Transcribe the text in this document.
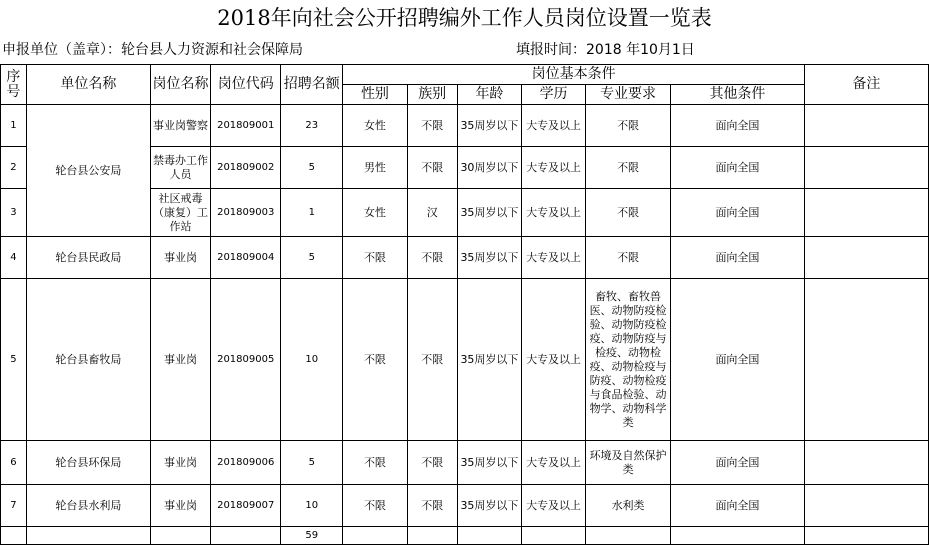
2018年向社会公开招聘编外工作人员岗位设置一览表
申报单位（盖章）：轮台县人力资源和社会保障局	填报时间：2018 年10月1日
序号	单位名称	岗位名称	岗位代码	招聘名额	岗位基本条件						备注
					性别	族别	年龄	学历	专业要求	其他条件	
1	轮台县公安局	事业岗警察	201809001	23	女性	不限	35周岁以下	大专及以上	不限	面向全国	
2		禁毒办工作人员	201809002	5	男性	不限	30周岁以下	大专及以上	不限	面向全国	
3		社区戒毒（康复）工作站	201809003	1	女性	汉	35周岁以下	大专及以上	不限	面向全国	
4	轮台县民政局	事业岗	201809004	5	不限	不限	35周岁以下	大专及以上	不限	面向全国	
5	轮台县畜牧局	事业岗	201809005	10	不限	不限	35周岁以下	大专及以上	畜牧、畜牧兽医、动物防疫检验、动物防疫检疫、动物防疫与检疫、动物检疫、动物检疫与防疫、动物检疫与食品检验、动物学、动物科学类	面向全国	
6	轮台县环保局	事业岗	201809006	5	不限	不限	35周岁以下	大专及以上	环境及自然保护类	面向全国	
7	轮台县水利局	事业岗	201809007	10	不限	不限	35周岁以下	大专及以上	水利类	面向全国	
				59							
